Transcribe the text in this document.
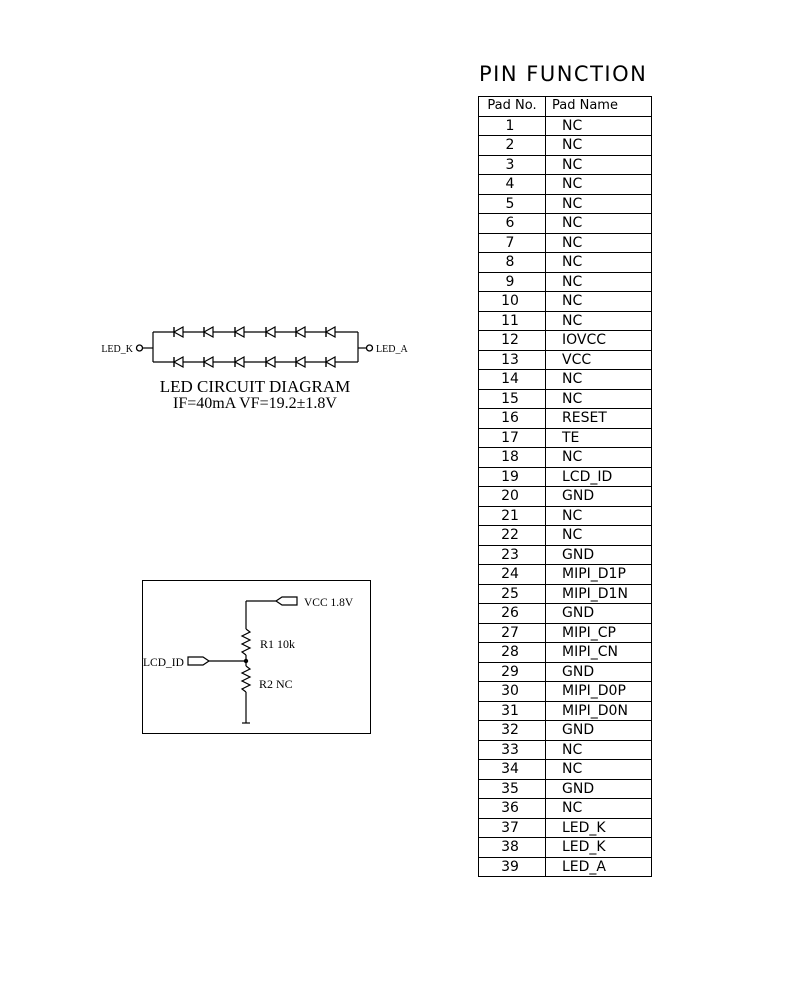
LED_K	LED_A
VCC 1.8V
R1 10k
R2 NC
LCD_ID
LED CIRCUIT DIAGRAM
IF=40mA VF=19.2±1.8V
PIN FUNCTION
Pad No.	Pad Name
1	NC
2	NC
3	NC
4	NC
5	NC
6	NC
7	NC
8	NC
9	NC
10	NC
11	NC
12	IOVCC
13	VCC
14	NC
15	NC
16	RESET
17	TE
18	NC
19	LCD_ID
20	GND
21	NC
22	NC
23	GND
24	MIPI_D1P
25	MIPI_D1N
26	GND
27	MIPI_CP
28	MIPI_CN
29	GND
30	MIPI_D0P
31	MIPI_D0N
32	GND
33	NC
34	NC
35	GND
36	NC
37	LED_K
38	LED_K
39	LED_A
